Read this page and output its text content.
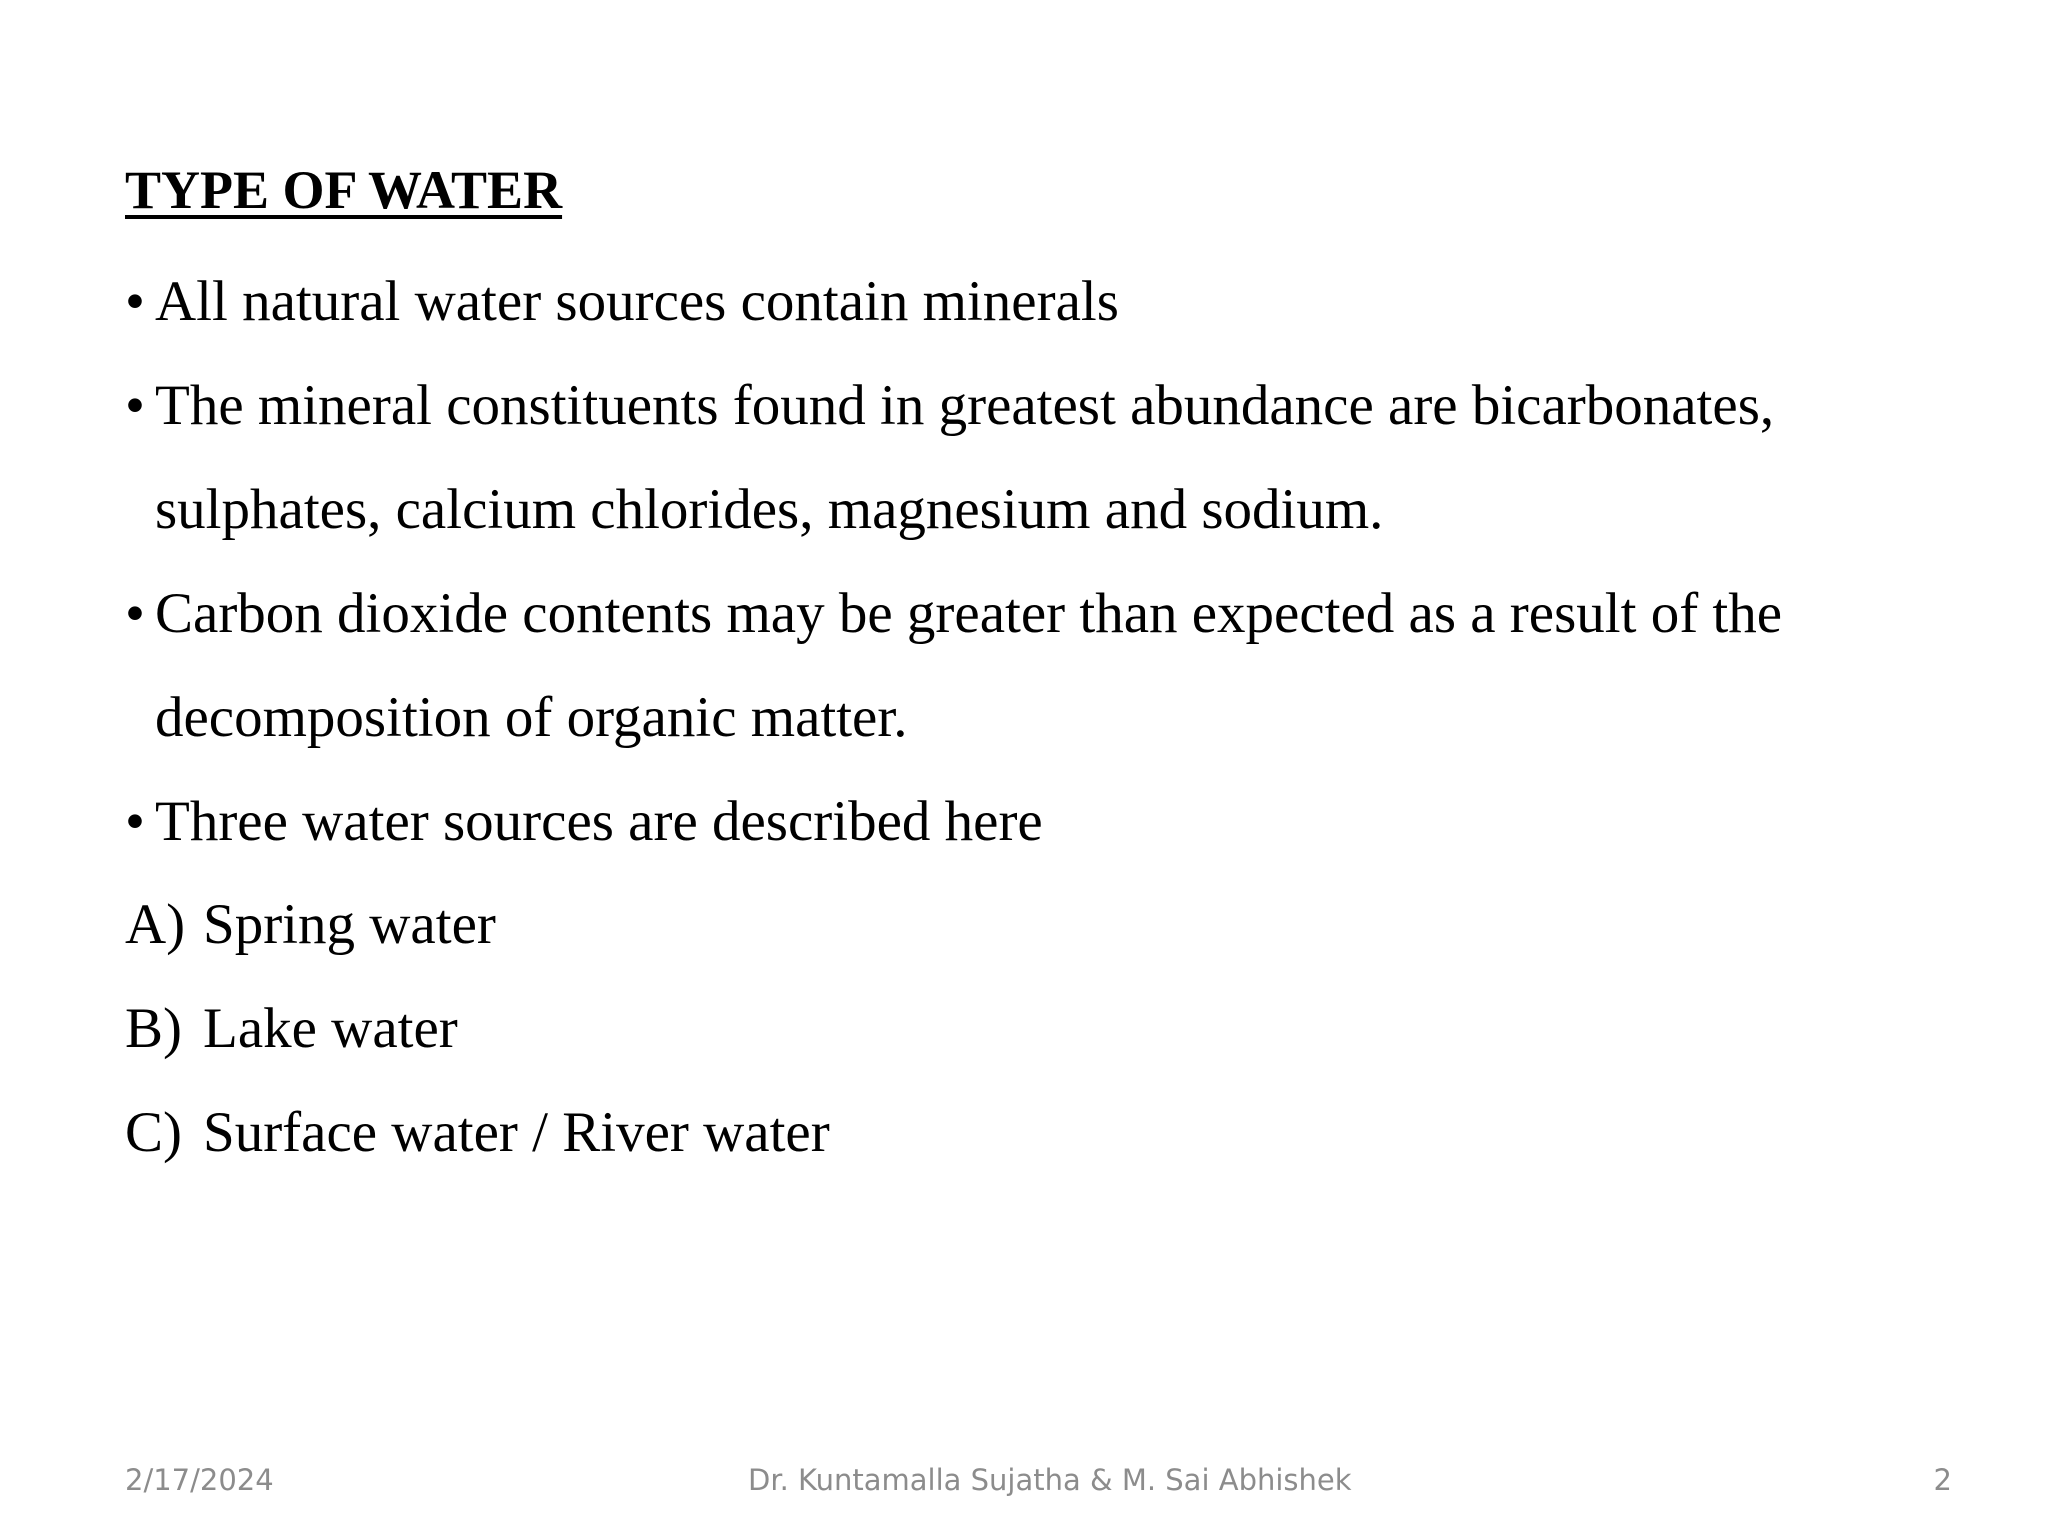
TYPE OF WATER
• All natural water sources contain minerals
• The mineral constituents found in greatest abundance are bicarbonates, sulphates, calcium chlorides, magnesium and sodium.
• Carbon dioxide contents may be greater than expected as a result of the decomposition of organic matter.
• Three water sources are described here
A) Spring water
B) Lake water
C) Surface water / River water
2/17/2024	Dr. Kuntamalla Sujatha & M. Sai Abhishek	2
